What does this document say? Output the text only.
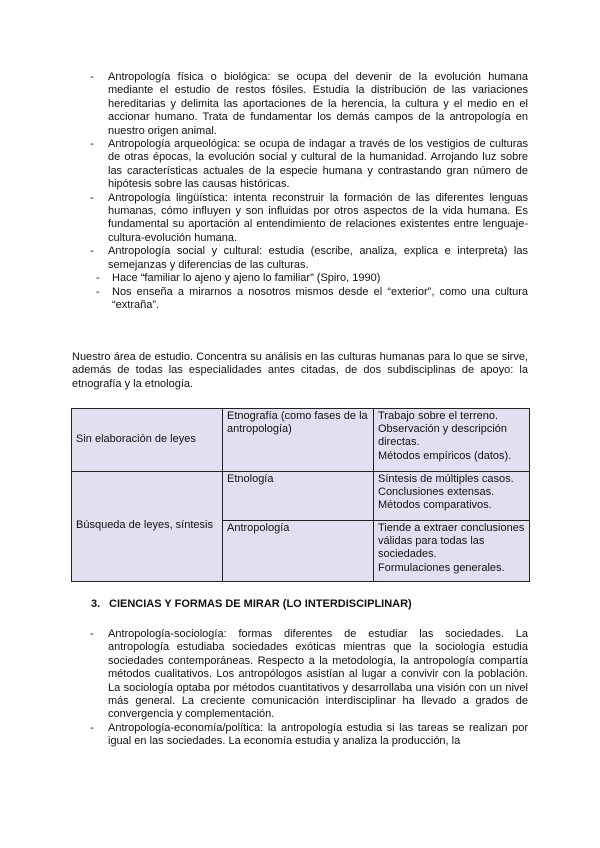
- Antropología física o biológica: se ocupa del devenir de la evolución humana mediante el estudio de restos fósiles. Estudia la distribución de las variaciones hereditarias y delimita las aportaciones de la herencia, la cultura y el medio en el accionar humano. Trata de fundamentar los demás campos de la antropología en nuestro origen animal.
- Antropología arqueológica: se ocupa de indagar a través de los vestigios de culturas de otras épocas, la evolución social y cultural de la humanidad. Arrojando luz sobre las características actuales de la especie humana y contrastando gran número de hipótesis sobre las causas históricas.
- Antropología lingüística: intenta reconstruir la formación de las diferentes lenguas humanas, cómo influyen y son influidas por otros aspectos de la vida humana. Es fundamental su aportación al entendimiento de relaciones existentes entre lenguaje-cultura-evolución humana.
- Antropología social y cultural: estudia (escribe, analiza, explica e interpreta) las semejanzas y diferencias de las culturas.
- Hace “familiar lo ajeno y ajeno lo familiar” (Spiro, 1990)
- Nos enseña a mirarnos a nosotros mismos desde el “exterior”, como una cultura “extraña”.

Nuestro área de estudio. Concentra su análisis en las culturas humanas para lo que se sirve, además de todas las especialidades antes citadas, de dos subdisciplinas de apoyo: la etnografía y la etnología.

Sin elaboración de leyes	Etnografía (como fases de la antropología)	Trabajo sobre el terreno.
Observación y descripción directas.
Métodos empíricos (datos).

Búsqueda de leyes, síntesis	Etnología	Síntesis de múltiples casos.
Conclusiones extensas.
Métodos comparativos.

	Antropología	Tiende a extraer conclusiones válidas para todas las sociedades.
Formulaciones generales.
3. CIENCIAS Y FORMAS DE MIRAR (LO INTERDISCIPLINAR)
- Antropología-sociología: formas diferentes de estudiar las sociedades. La antropología estudiaba sociedades exóticas mientras que la sociología estudia sociedades contemporáneas. Respecto a la metodología, la antropología compartía métodos cualitativos. Los antropólogos asistían al lugar a convivir con la población. La sociología optaba por métodos cuantitativos y desarrollaba una visión con un nivel más general. La creciente comunicación interdisciplinar ha llevado a grados de convergencia y complementación.
- Antropología-economía/política: la antropología estudia si las tareas se realizan por igual en las sociedades. La economía estudia y analiza la producción, la
